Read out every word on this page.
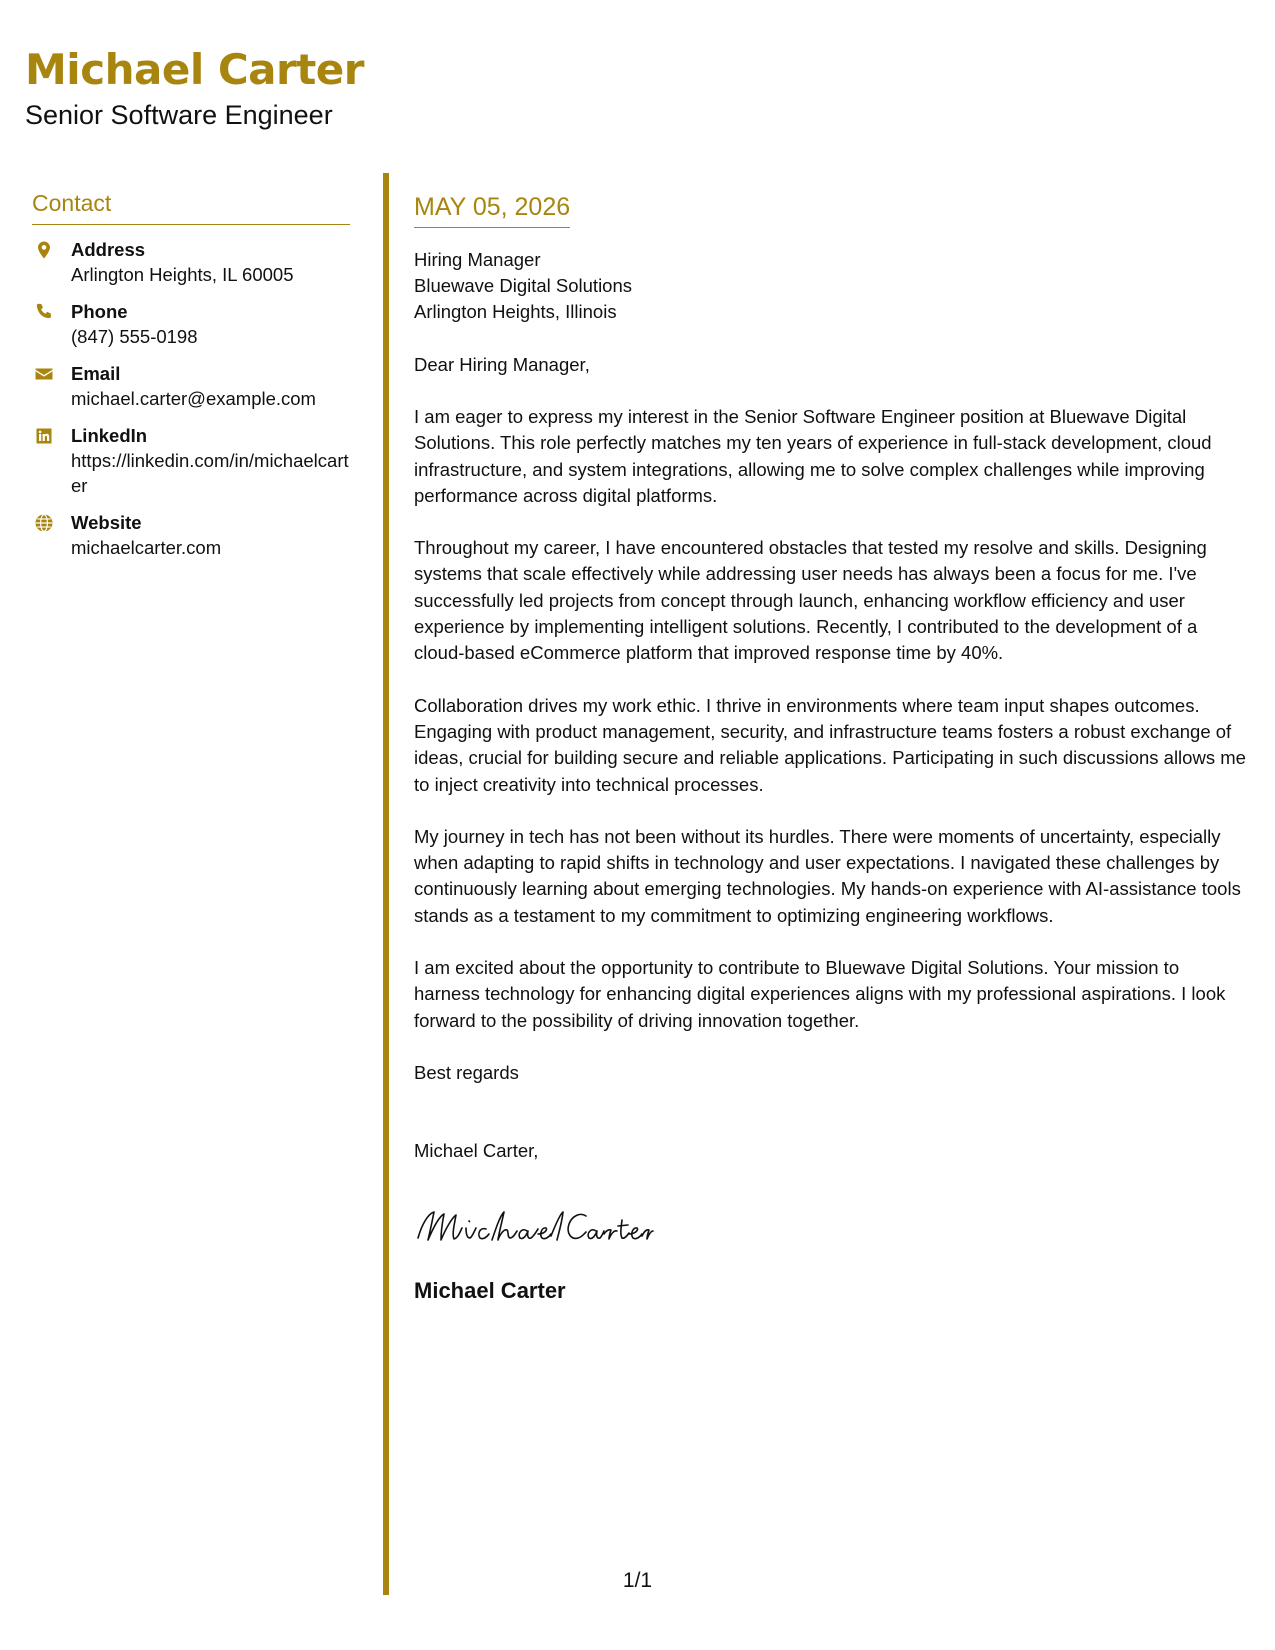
Michael Carter
Senior Software Engineer
Contact
Address
Arlington Heights, IL 60005
Phone
(847) 555-0198
Email
michael.carter@example.com
LinkedIn
https://linkedin.com/in/michaelcarter
Website
michaelcarter.com
MAY 05, 2026
Hiring Manager
Bluewave Digital Solutions
Arlington Heights, Illinois
Dear Hiring Manager,
I am eager to express my interest in the Senior Software Engineer position at Bluewave Digital Solutions. This role perfectly matches my ten years of experience in full-stack development, cloud infrastructure, and system integrations, allowing me to solve complex challenges while improving performance across digital platforms.
Throughout my career, I have encountered obstacles that tested my resolve and skills. Designing systems that scale effectively while addressing user needs has always been a focus for me. I've successfully led projects from concept through launch, enhancing workflow efficiency and user experience by implementing intelligent solutions. Recently, I contributed to the development of a cloud-based eCommerce platform that improved response time by 40%.
Collaboration drives my work ethic. I thrive in environments where team input shapes outcomes. Engaging with product management, security, and infrastructure teams fosters a robust exchange of ideas, crucial for building secure and reliable applications. Participating in such discussions allows me to inject creativity into technical processes.
My journey in tech has not been without its hurdles. There were moments of uncertainty, especially when adapting to rapid shifts in technology and user expectations. I navigated these challenges by continuously learning about emerging technologies. My hands-on experience with AI-assistance tools stands as a testament to my commitment to optimizing engineering workflows.
I am excited about the opportunity to contribute to Bluewave Digital Solutions. Your mission to harness technology for enhancing digital experiences aligns with my professional aspirations. I look forward to the possibility of driving innovation together.
Best regards
Michael Carter,
Michael Carter
1/1
